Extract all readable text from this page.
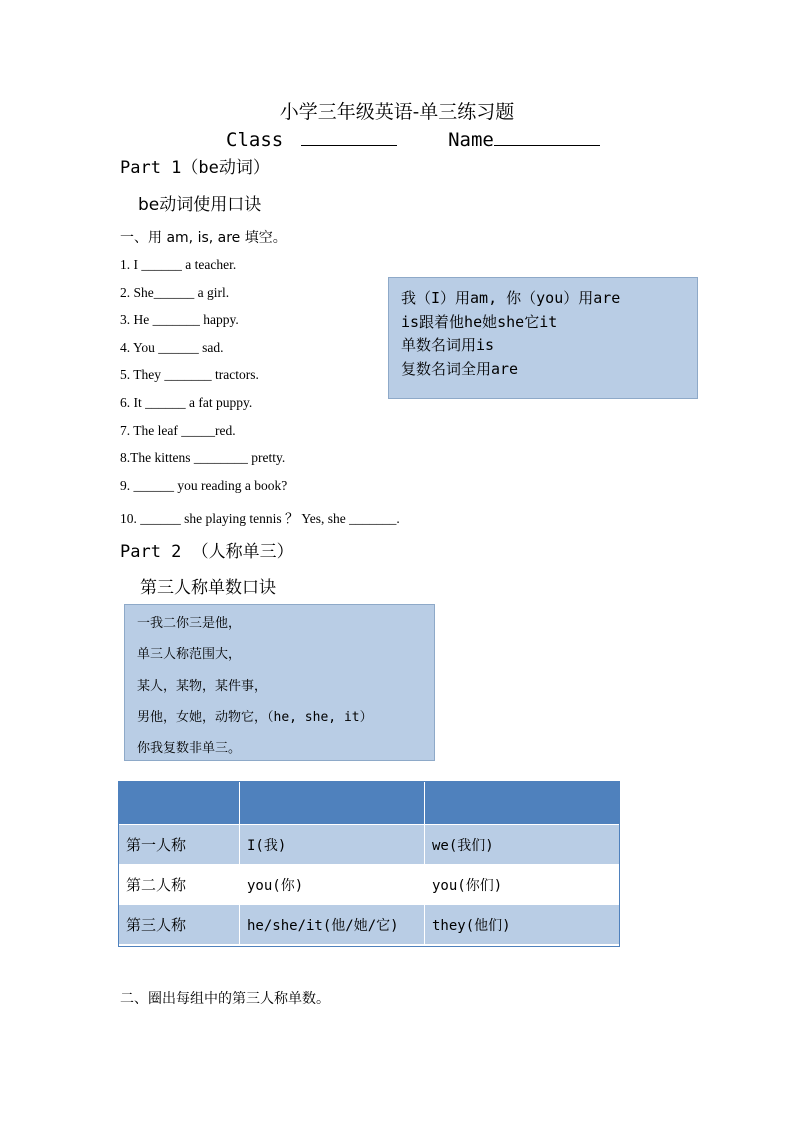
小学三年级英语-单三练习题
Class	Name
Part 1（be动词）
be动词使用口诀
一、用 am, is, are 填空。
1. I ______ a teacher.
2. She______ a girl.
3. He _______ happy.
4. You ______ sad.
5. They _______ tractors.
6. It ______ a fat puppy.
7. The leaf _____red.
8.The kittens ________ pretty.
9. ______ you reading a book?
10. ______ she playing tennis ？ Yes, she _______.
我（I）用am, 你（you）用are
is跟着他he她she它it
单数名词用is
复数名词全用are
Part 2 （人称单三）
第三人称单数口诀
一我二你三是他，
单三人称范围大，
某人，某物，某件事，
男他，女她，动物它，（he, she, it）
你我复数非单三。

第一人称	I(我)	we(我们)
第二人称	you(你)	you(你们)
第三人称	he/she/it(他/她/它)	they(他们)
二、圈出每组中的第三人称单数。
